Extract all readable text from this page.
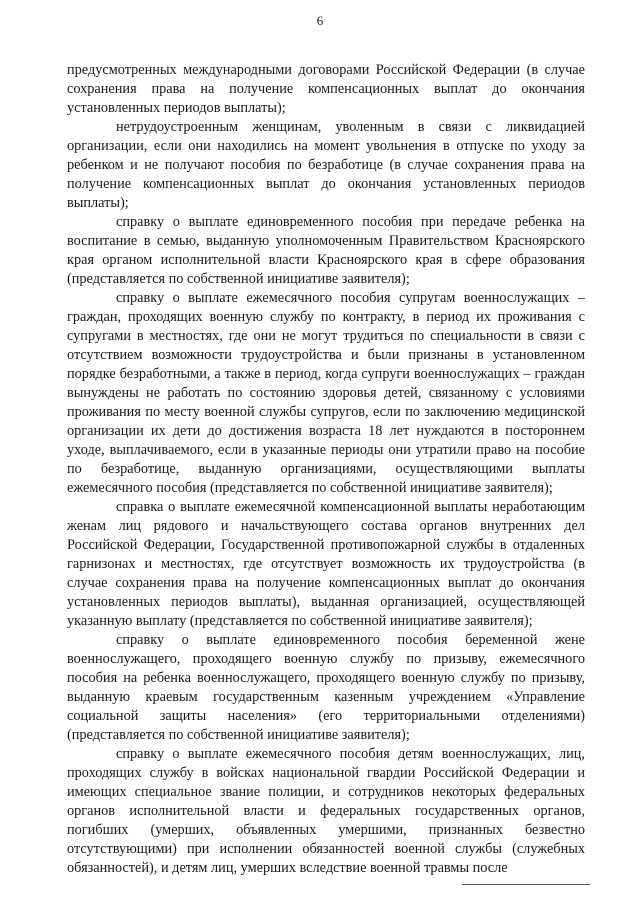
6

предусмотренных международными договорами Российской Федерации (в случае сохранения права на получение компенсационных выплат до окончания установленных периодов выплаты);

нетрудоустроенным женщинам, уволенным в связи с ликвидацией организации, если они находились на момент увольнения в отпуске по уходу за ребенком и не получают пособия по безработице (в случае сохранения права на получение компенсационных выплат до окончания установленных периодов выплаты);

справку о выплате единовременного пособия при передаче ребенка на воспитание в семью, выданную уполномоченным Правительством Красноярского края органом исполнительной власти Красноярского края в сфере образования (представляется по собственной инициативе заявителя);

справку о выплате ежемесячного пособия супругам военнослужащих – граждан, проходящих военную службу по контракту, в период их проживания с супругами в местностях, где они не могут трудиться по специальности в связи с отсутствием возможности трудоустройства и были признаны в установленном порядке безработными, а также в период, когда супруги военнослужащих – граждан вынуждены не работать по состоянию здоровья детей, связанному с условиями проживания по месту военной службы супругов, если по заключению медицинской организации их дети до достижения возраста 18 лет нуждаются в постороннем уходе, выплачиваемого, если в указанные периоды они утратили право на пособие по безработице, выданную организациями, осуществляющими выплаты ежемесячного пособия (представляется по собственной инициативе заявителя);

справка о выплате ежемесячной компенсационной выплаты неработающим женам лиц рядового и начальствующего состава органов внутренних дел Российской Федерации, Государственной противопожарной службы в отдаленных гарнизонах и местностях, где отсутствует возможность их трудоустройства (в случае сохранения права на получение компенсационных выплат до окончания установленных периодов выплаты), выданная организацией, осуществляющей указанную выплату (представляется по собственной инициативе заявителя);

справку о выплате единовременного пособия беременной жене военнослужащего, проходящего военную службу по призыву, ежемесячного пособия на ребенка военнослужащего, проходящего военную службу по призыву, выданную краевым государственным казенным учреждением «Управление социальной защиты населения» (его территориальными отделениями) (представляется по собственной инициативе заявителя);

справку о выплате ежемесячного пособия детям военнослужащих, лиц, проходящих службу в войсках национальной гвардии Российской Федерации и имеющих специальное звание полиции, и сотрудников некоторых федеральных органов исполнительной власти и федеральных государственных органов, погибших (умерших, объявленных умершими, признанных безвестно отсутствующими) при исполнении обязанностей военной службы (служебных обязанностей), и детям лиц, умерших вследствие военной травмы после
